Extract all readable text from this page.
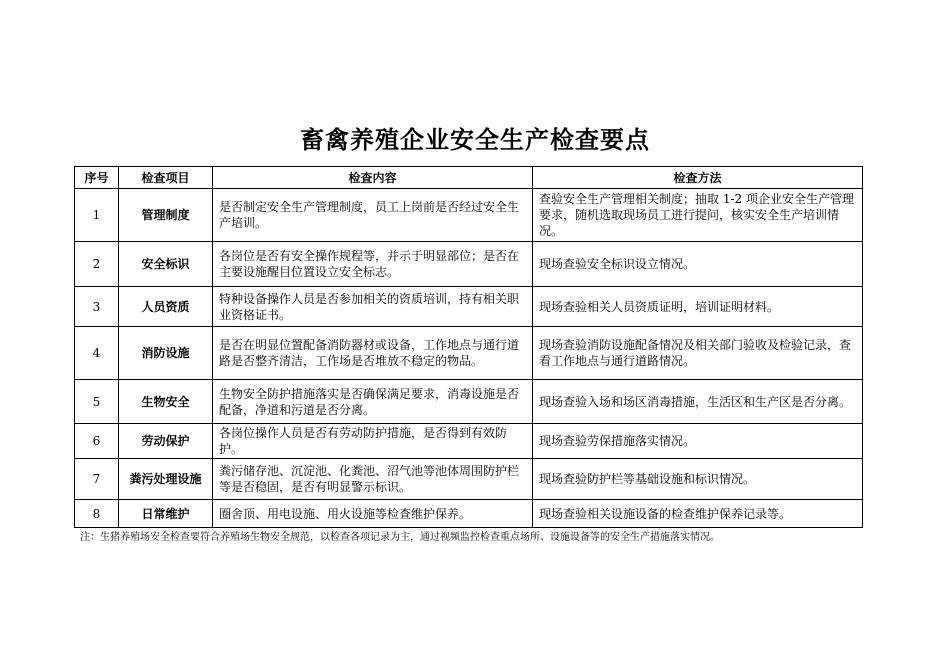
畜禽养殖企业安全生产检查要点
序号	检查项目	检查内容	检查方法
1	管理制度	是否制定安全生产管理制度，员工上岗前是否经过安全生产培训。	查验安全生产管理相关制度；抽取 1-2 项企业安全生产管理要求，随机选取现场员工进行提问，核实安全生产培训情况。
2	安全标识	各岗位是否有安全操作规程等，并示于明显部位；是否在主要设施醒目位置设立安全标志。	现场查验安全标识设立情况。
3	人员资质	特种设备操作人员是否参加相关的资质培训，持有相关职业资格证书。	现场查验相关人员资质证明，培训证明材料。
4	消防设施	是否在明显位置配备消防器材或设备，工作地点与通行道路是否整齐清洁，工作场是否堆放不稳定的物品。	现场查验消防设施配备情况及相关部门验收及检验记录，查看工作地点与通行道路情况。
5	生物安全	生物安全防护措施落实是否确保满足要求，消毒设施是否配备，净道和污道是否分离。	现场查验入场和场区消毒措施，生活区和生产区是否分离。
6	劳动保护	各岗位操作人员是否有劳动防护措施，是否得到有效防护。	现场查验劳保措施落实情况。
7	粪污处理设施	粪污储存池、沉淀池、化粪池、沼气池等池体周围防护栏等是否稳固，是否有明显警示标识。	现场查验防护栏等基础设施和标识情况。
8	日常维护	圈舍顶、用电设施、用火设施等检查维护保养。	现场查验相关设施设备的检查维护保养记录等。
注：生猪养殖场安全检查要符合养殖场生物安全规范，以检查各项记录为主，通过视频监控检查重点场所、设施设备等的安全生产措施落实情况。
